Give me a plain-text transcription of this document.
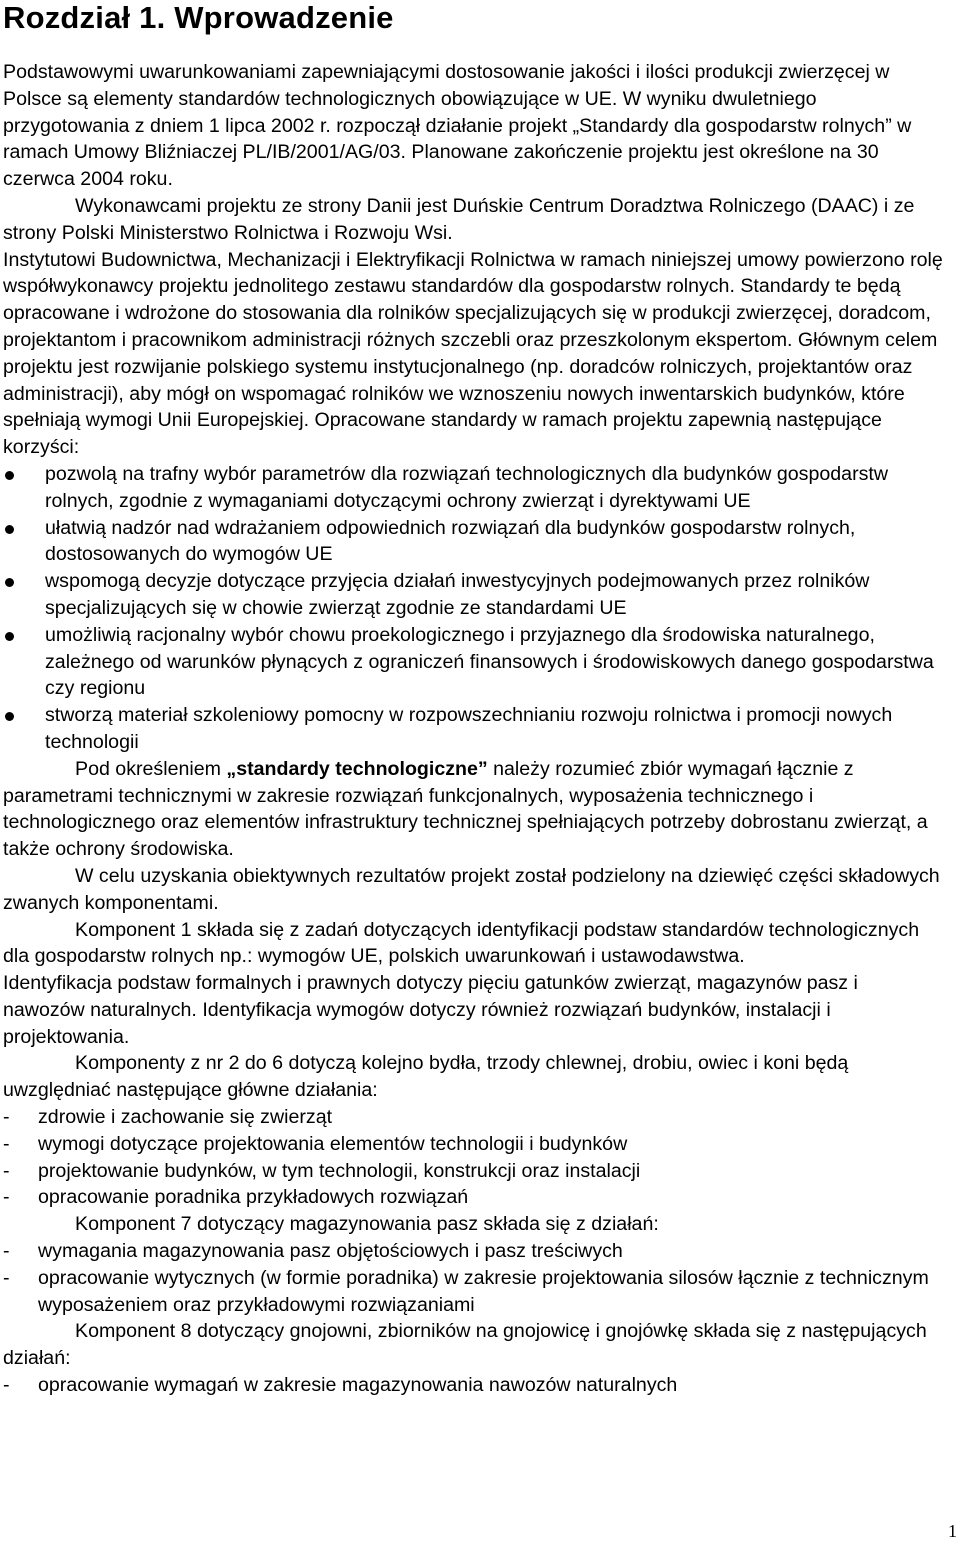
Rozdział 1. Wprowadzenie

Podstawowymi uwarunkowaniami zapewniającymi dostosowanie jakości i ilości produkcji zwierzęcej w Polsce są elementy standardów technologicznych obowiązujące w UE. W wyniku dwuletniego przygotowania z dniem 1 lipca 2002 r. rozpoczął działanie projekt „Standardy dla gospodarstw rolnych” w ramach Umowy Bliźniaczej PL/IB/2001/AG/03. Planowane zakończenie projektu jest określone na 30 czerwca 2004 roku.

Wykonawcami projektu ze strony Danii jest Duńskie Centrum Doradztwa Rolniczego (DAAC) i ze strony Polski Ministerstwo Rolnictwa i Rozwoju Wsi.

Instytutowi Budownictwa, Mechanizacji i Elektryfikacji Rolnictwa w ramach niniejszej umowy powierzono rolę współwykonawcy projektu jednolitego zestawu standardów dla gospodarstw rolnych. Standardy te będą opracowane i wdrożone do stosowania dla rolników specjalizujących się w produkcji zwierzęcej, doradcom, projektantom i pracownikom administracji różnych szczebli oraz przeszkolonym ekspertom. Głównym celem projektu jest rozwijanie polskiego systemu instytucjonalnego (np. doradców rolniczych, projektantów oraz administracji), aby mógł on wspomagać rolników we wznoszeniu nowych inwentarskich budynków, które spełniają wymogi Unii Europejskiej. Opracowane standardy w ramach projektu zapewnią następujące korzyści:

pozwolą na trafny wybór parametrów dla rozwiązań technologicznych dla budynków gospodarstw rolnych, zgodnie z wymaganiami dotyczącymi ochrony zwierząt i dyrektywami UE
ułatwią nadzór nad wdrażaniem odpowiednich rozwiązań dla budynków gospodarstw rolnych, dostosowanych do wymogów UE
wspomogą decyzje dotyczące przyjęcia działań inwestycyjnych podejmowanych przez rolników specjalizujących się w chowie zwierząt zgodnie ze standardami UE
umożliwią racjonalny wybór chowu proekologicznego i przyjaznego dla środowiska naturalnego, zależnego od warunków płynących z ograniczeń finansowych i środowiskowych danego gospodarstwa czy regionu
stworzą materiał szkoleniowy pomocny w rozpowszechnianiu rozwoju rolnictwa i promocji nowych technologii

Pod określeniem „standardy technologiczne” należy rozumieć zbiór wymagań łącznie z parametrami technicznymi w zakresie rozwiązań funkcjonalnych, wyposażenia technicznego i technologicznego oraz elementów infrastruktury technicznej spełniających potrzeby dobrostanu zwierząt, a także ochrony środowiska.

W celu uzyskania obiektywnych rezultatów projekt został podzielony na dziewięć części składowych zwanych komponentami.

Komponent 1 składa się z zadań dotyczących identyfikacji podstaw standardów technologicznych dla gospodarstw rolnych np.: wymogów UE, polskich uwarunkowań i ustawodawstwa.

Identyfikacja podstaw formalnych i prawnych dotyczy pięciu gatunków zwierząt, magazynów pasz i nawozów naturalnych. Identyfikacja wymogów dotyczy również rozwiązań budynków, instalacji i projektowania.

Komponenty z nr 2 do 6 dotyczą kolejno bydła, trzody chlewnej, drobiu, owiec i koni będą uwzględniać następujące główne działania:

- zdrowie i zachowanie się zwierząt
- wymogi dotyczące projektowania elementów technologii i budynków
- projektowanie budynków, w tym technologii, konstrukcji oraz instalacji
- opracowanie poradnika przykładowych rozwiązań

Komponent 7 dotyczący magazynowania pasz składa się z działań:

- wymagania magazynowania pasz objętościowych i pasz treściwych
- opracowanie wytycznych (w formie poradnika) w zakresie projektowania silosów łącznie z technicznym wyposażeniem oraz przykładowymi rozwiązaniami

Komponent 8 dotyczący gnojowni, zbiorników na gnojowicę i gnojówkę składa się z następujących działań:

- opracowanie wymagań w zakresie magazynowania nawozów naturalnych
1
